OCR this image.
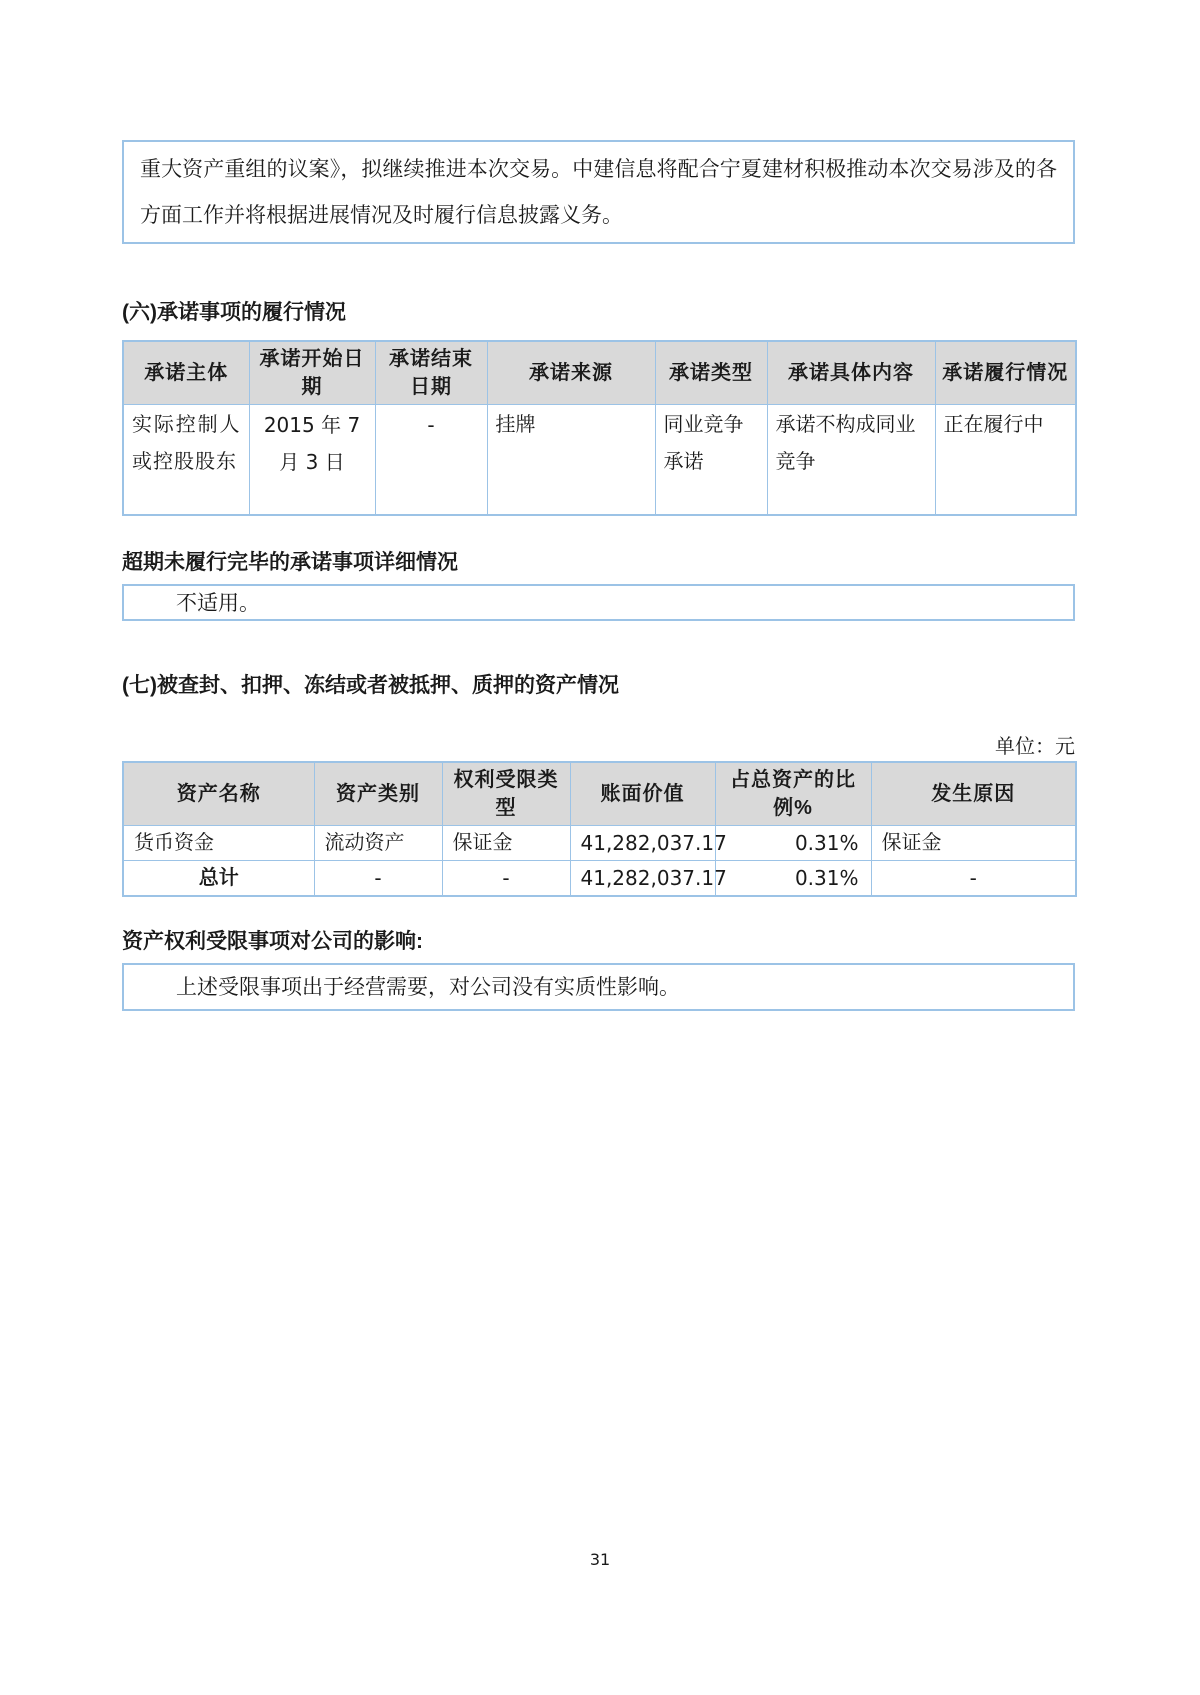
重大资产重组的议案》，拟继续推进本次交易。中建信息将配合宁夏建材积极推动本次交易涉及的各方面工作并将根据进展情况及时履行信息披露义务。

(六)承诺事项的履行情况
承诺主体	承诺开始日期	承诺结束日期	承诺来源	承诺类型	承诺具体内容	承诺履行情况
实际控制人或控股股东	2015 年 7 月 3 日	-	挂牌	同业竞争承诺	承诺不构成同业竞争	正在履行中
超期未履行完毕的承诺事项详细情况

不适用。

(七)被查封、扣押、冻结或者被抵押、质押的资产情况
单位：元
资产名称	资产类别	权利受限类型	账面价值	占总资产的比例%	发生原因
货币资金	流动资产	保证金	41,282,037.17	0.31%	保证金
总计	-	-	41,282,037.17	0.31%	-
资产权利受限事项对公司的影响:

上述受限事项出于经营需要，对公司没有实质性影响。

31
